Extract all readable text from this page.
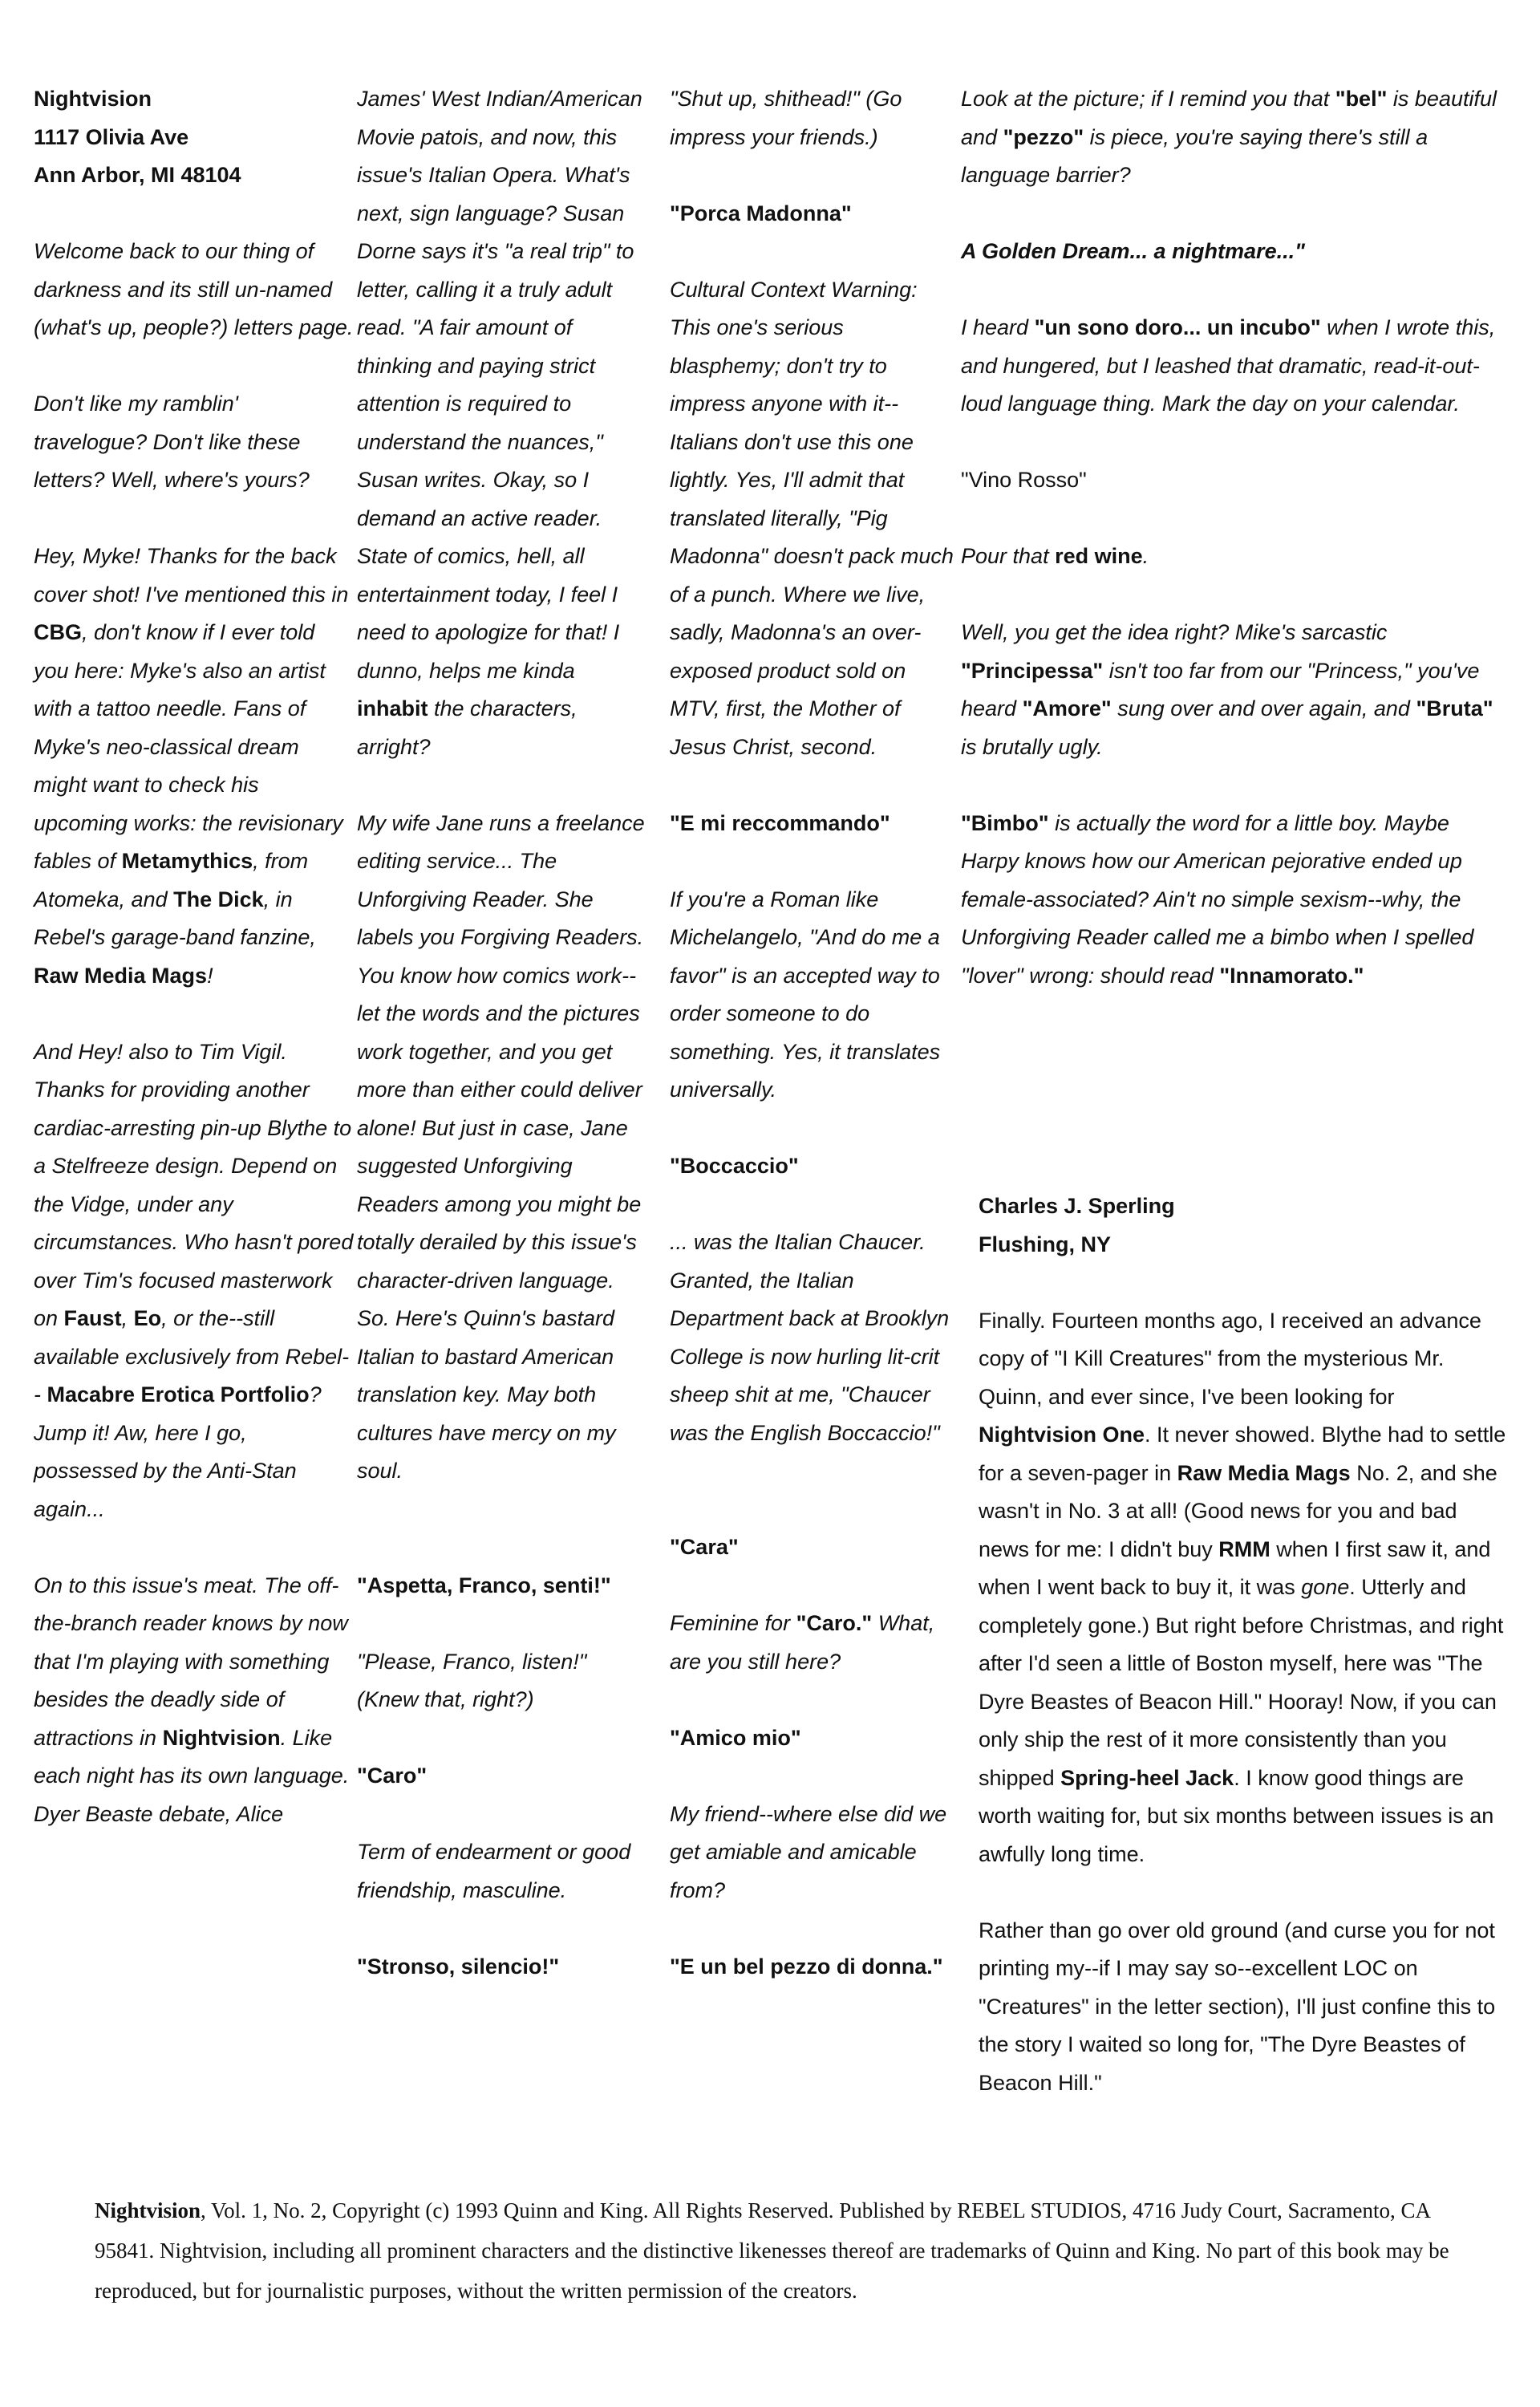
Nightvision
1117 Olivia Ave
Ann Arbor, MI 48104

Welcome back to our thing of darkness and its still un-named (what's up, people?) letters page.

Don't like my ramblin' travelogue? Don't like these letters? Well, where's yours?

Hey, Myke! Thanks for the back cover shot! I've mentioned this in CBG, don't know if I ever told you here: Myke's also an artist with a tattoo needle. Fans of Myke's neo-classical dream might want to check his upcoming works: the revisionary fables of Metamythics, from Atomeka, and The Dick, in Rebel's garage-band fanzine, Raw Media Mags!

And Hey! also to Tim Vigil. Thanks for providing another cardiac-arresting pin-up Blythe to a Stelfreeze design. Depend on the Vidge, under any circumstances. Who hasn't pored over Tim's focused masterwork on Faust, Eo, or the--still available exclusively from Rebel-- Macabre Erotica Portfolio? Jump it! Aw, here I go, possessed by the Anti-Stan again...

On to this issue's meat. The off-the-branch reader knows by now that I'm playing with something besides the deadly side of attractions in Nightvision. Like each night has its own language. Dyer Beaste debate, Alice

James' West Indian/American Movie patois, and now, this issue's Italian Opera. What's next, sign language? Susan Dorne says it's "a real trip" to letter, calling it a truly adult read. "A fair amount of thinking and paying strict attention is required to understand the nuances," Susan writes. Okay, so I demand an active reader. State of comics, hell, all entertainment today, I feel I need to apologize for that! I dunno, helps me kinda inhabit the characters, arright?

My wife Jane runs a freelance editing service... The Unforgiving Reader. She labels you Forgiving Readers. You know how comics work--let the words and the pictures work together, and you get more than either could deliver alone! But just in case, Jane suggested Unforgiving Readers among you might be totally derailed by this issue's character-driven language. So. Here's Quinn's bastard Italian to bastard American translation key. May both cultures have mercy on my soul.

"Aspetta, Franco, senti!"

"Please, Franco, listen!" (Knew that, right?)

"Caro"

Term of endearment or good friendship, masculine.

"Stronso, silencio!"

"Shut up, shithead!" (Go impress your friends.)

"Porca Madonna"

Cultural Context Warning: This one's serious blasphemy; don't try to impress anyone with it--Italians don't use this one lightly. Yes, I'll admit that translated literally, "Pig Madonna" doesn't pack much of a punch. Where we live, sadly, Madonna's an over-exposed product sold on MTV, first, the Mother of Jesus Christ, second.

"E mi reccommando"

If you're a Roman like Michelangelo, "And do me a favor" is an accepted way to order someone to do something. Yes, it translates universally.

"Boccaccio"

... was the Italian Chaucer. Granted, the Italian Department back at Brooklyn College is now hurling lit-crit sheep shit at me, "Chaucer was the English Boccaccio!"

"Cara"

Feminine for "Caro." What, are you still here?

"Amico mio"

My friend--where else did we get amiable and amicable from?

"E un bel pezzo di donna."

Look at the picture; if I remind you that "bel" is beautiful and "pezzo" is piece, you're saying there's still a language barrier?

A Golden Dream... a nightmare..."

I heard "un sono doro... un incubo" when I wrote this, and hungered, but I leashed that dramatic, read-it-out-loud language thing. Mark the day on your calendar.

"Vino Rosso"

Pour that red wine.

Well, you get the idea right? Mike's sarcastic "Principessa" isn't too far from our "Princess," you've heard "Amore" sung over and over again, and "Bruta" is brutally ugly.

"Bimbo" is actually the word for a little boy. Maybe Harpy knows how our American pejorative ended up female-associated? Ain't no simple sexism--why, the Unforgiving Reader called me a bimbo when I spelled "lover" wrong: should read "Innamorato."

Charles J. Sperling
Flushing, NY

Finally. Fourteen months ago, I received an advance copy of "I Kill Creatures" from the mysterious Mr. Quinn, and ever since, I've been looking for Nightvision One. It never showed. Blythe had to settle for a seven-pager in Raw Media Mags No. 2, and she wasn't in No. 3 at all! (Good news for you and bad news for me: I didn't buy RMM when I first saw it, and when I went back to buy it, it was gone. Utterly and completely gone.) But right before Christmas, and right after I'd seen a little of Boston myself, here was "The Dyre Beastes of Beacon Hill." Hooray! Now, if you can only ship the rest of it more consistently than you shipped Spring-heel Jack. I know good things are worth waiting for, but six months between issues is an awfully long time.

Rather than go over old ground (and curse you for not printing my--if I may say so--excellent LOC on "Creatures" in the letter section), I'll just confine this to the story I waited so long for, "The Dyre Beastes of Beacon Hill."

Nightvision, Vol. 1, No. 2, Copyright (c) 1993 Quinn and King. All Rights Reserved. Published by REBEL STUDIOS, 4716 Judy Court, Sacramento, CA 95841. Nightvision, including all prominent characters and the distinctive likenesses thereof are trademarks of Quinn and King. No part of this book may be reproduced, but for journalistic purposes, without the written permission of the creators.
